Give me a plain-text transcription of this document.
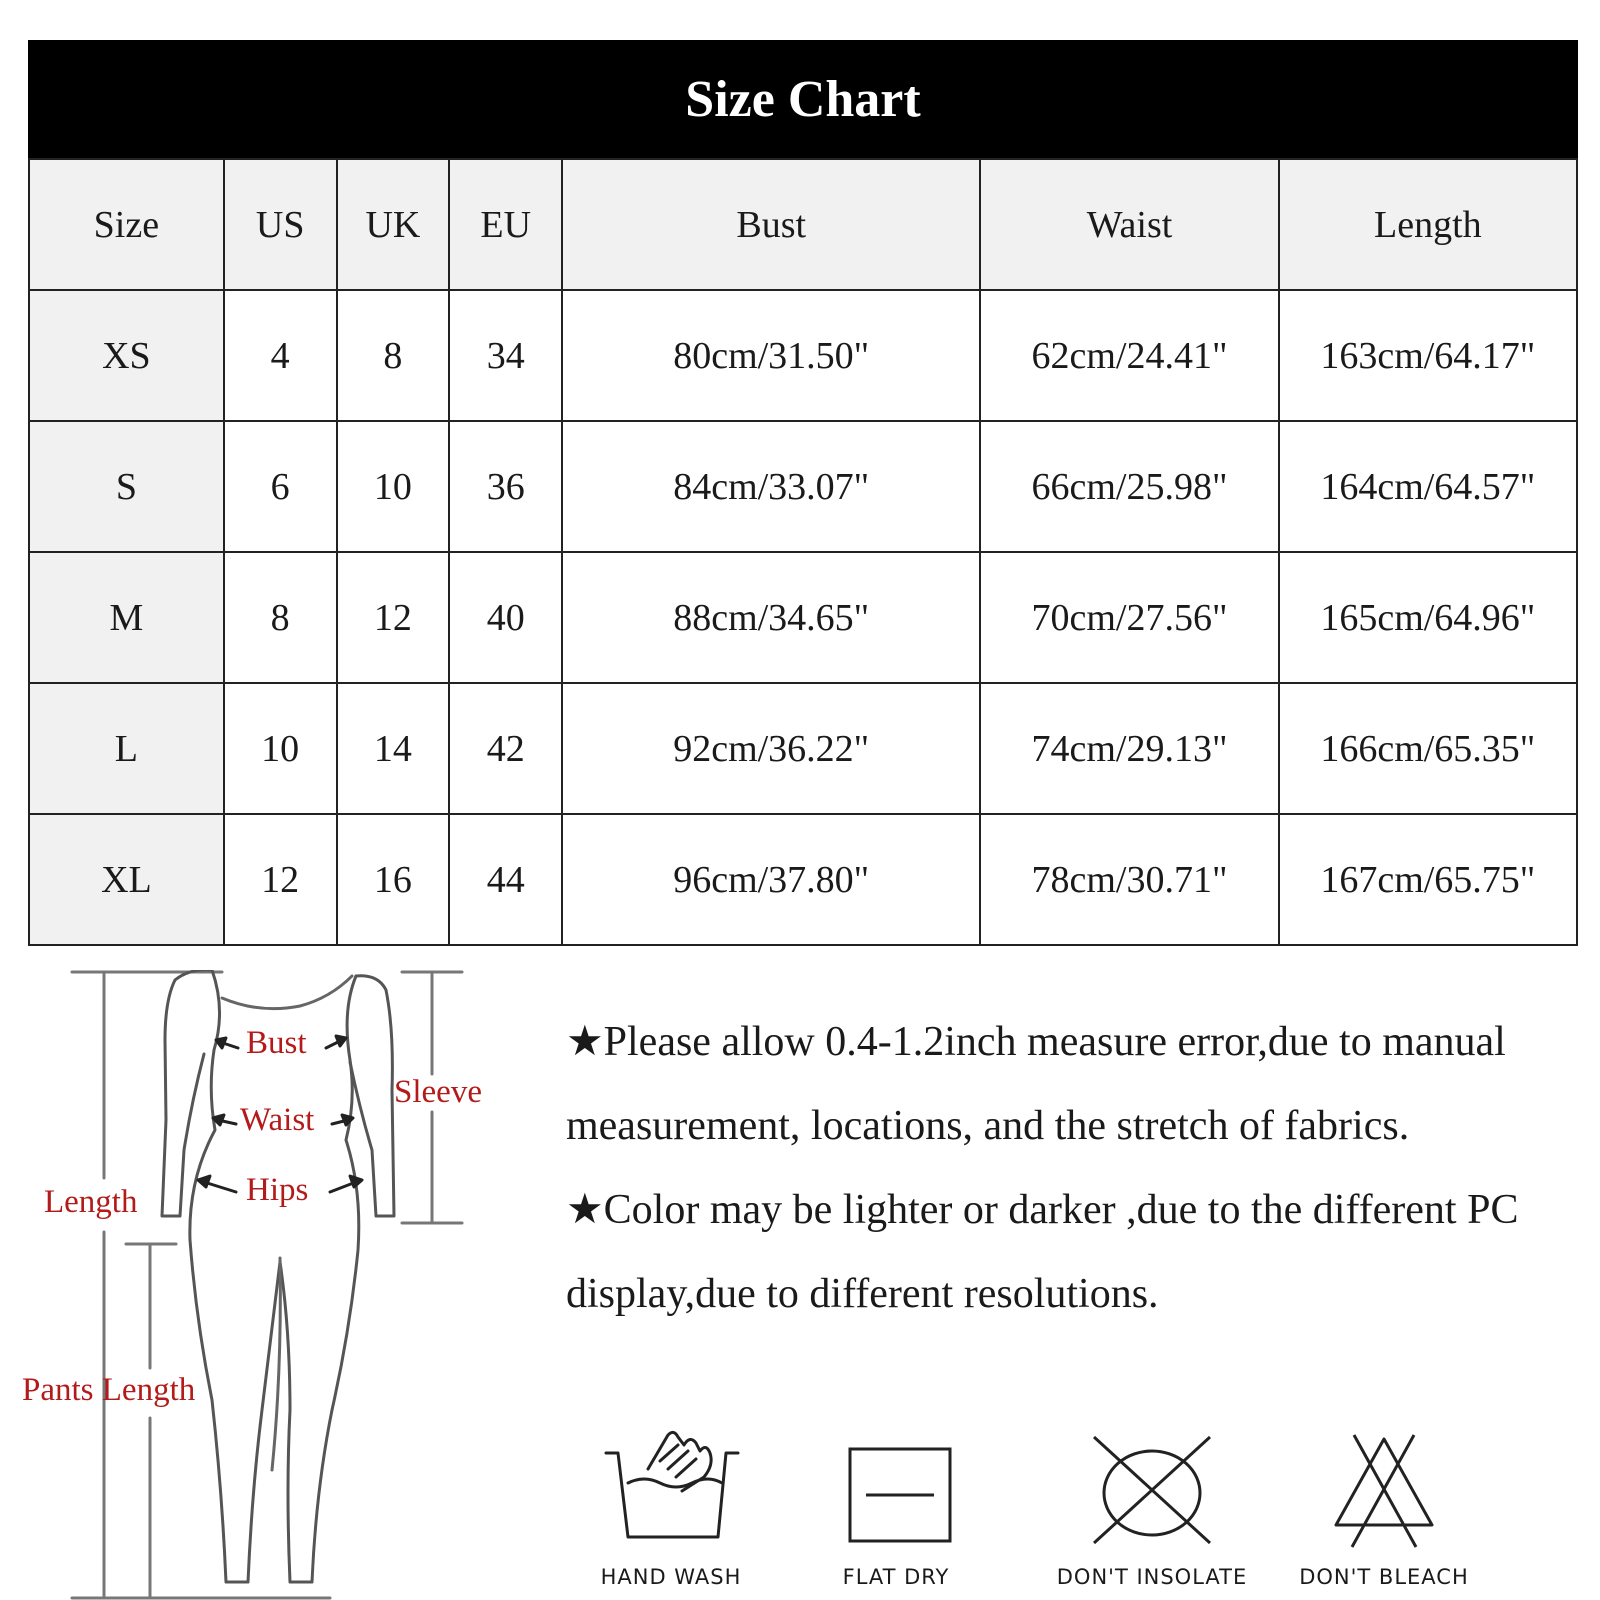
Size Chart
Size	US	UK	EU	Bust	Waist	Length
XS	4	8	34	80cm/31.50"	62cm/24.41"	163cm/64.17"
S	6	10	36	84cm/33.07"	66cm/25.98"	164cm/64.57"
M	8	12	40	88cm/34.65"	70cm/27.56"	165cm/64.96"
L	10	14	42	92cm/36.22"	74cm/29.13"	166cm/65.35"
XL	12	16	44	96cm/37.80"	78cm/30.71"	167cm/65.75"
Bust
Waist
Hips
Sleeve
Length
Pants Length

★Please allow 0.4-1.2inch measure error,due to manual measurement, locations, and the stretch of fabrics.

★Color may be lighter or darker ,due to the different PC display,due to different resolutions.

HAND WASH	FLAT DRY	DON'T INSOLATE	DON'T BLEACH
